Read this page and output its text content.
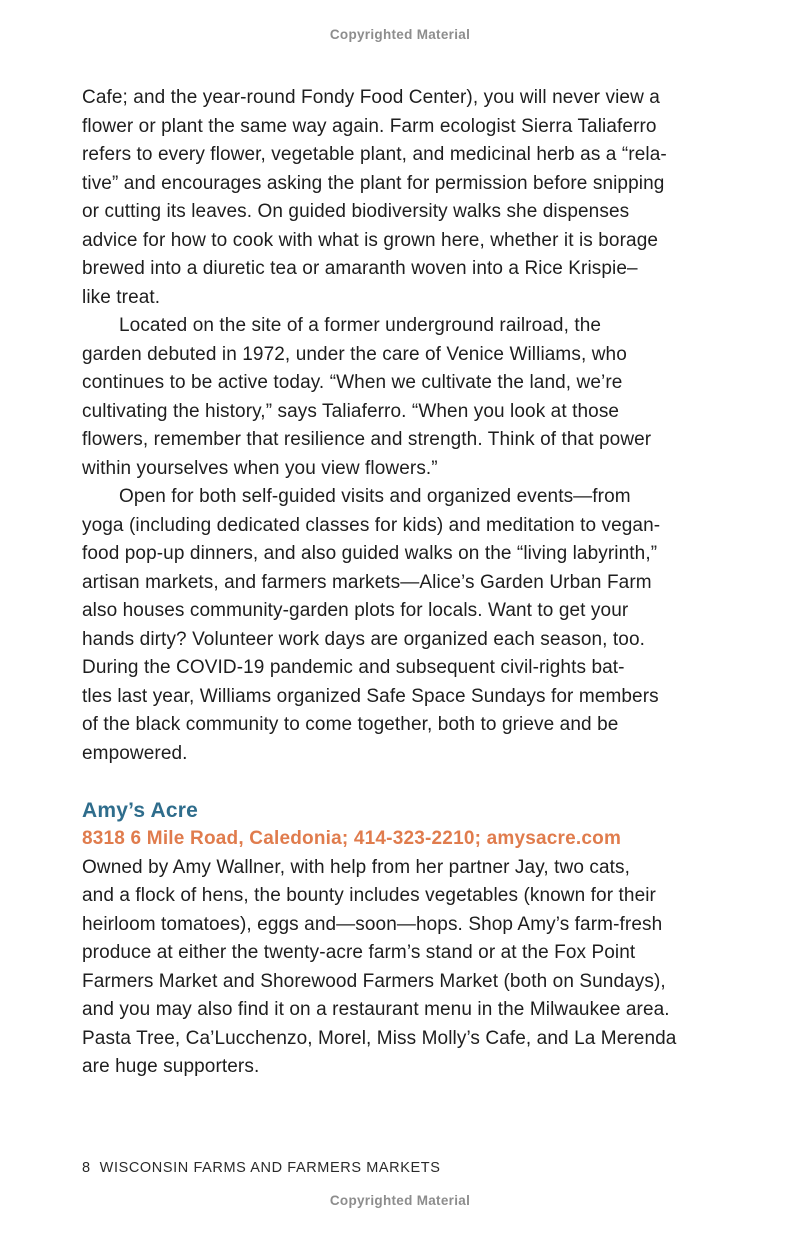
Copyrighted Material
Cafe; and the year-round Fondy Food Center), you will never view a
flower or plant the same way again. Farm ecologist Sierra Taliaferro
refers to every flower, vegetable plant, and medicinal herb as a “rela-
tive” and encourages asking the plant for permission before snipping
or cutting its leaves. On guided biodiversity walks she dispenses
advice for how to cook with what is grown here, whether it is borage
brewed into a diuretic tea or amaranth woven into a Rice Krispie–
like treat.
Located on the site of a former underground railroad, the
garden debuted in 1972, under the care of Venice Williams, who
continues to be active today. “When we cultivate the land, we’re
cultivating the history,” says Taliaferro. “When you look at those
flowers, remember that resilience and strength. Think of that power
within yourselves when you view flowers.”
Open for both self-guided visits and organized events—from
yoga (including dedicated classes for kids) and meditation to vegan-
food pop-up dinners, and also guided walks on the “living labyrinth,”
artisan markets, and farmers markets—Alice’s Garden Urban Farm
also houses community-garden plots for locals. Want to get your
hands dirty? Volunteer work days are organized each season, too.
During the COVID-19 pandemic and subsequent civil-rights bat-
tles last year, Williams organized Safe Space Sundays for members
of the black community to come together, both to grieve and be
empowered.
Amy’s Acre
8318 6 Mile Road, Caledonia; 414-323-2210; amysacre.com
Owned by Amy Wallner, with help from her partner Jay, two cats,
and a flock of hens, the bounty includes vegetables (known for their
heirloom tomatoes), eggs and—soon—hops. Shop Amy’s farm-fresh
produce at either the twenty-acre farm’s stand or at the Fox Point
Farmers Market and Shorewood Farmers Market (both on Sundays),
and you may also find it on a restaurant menu in the Milwaukee area.
Pasta Tree, Ca’Lucchenzo, Morel, Miss Molly’s Cafe, and La Merenda
are huge supporters.
8 WISCONSIN FARMS AND FARMERS MARKETS
Copyrighted Material
